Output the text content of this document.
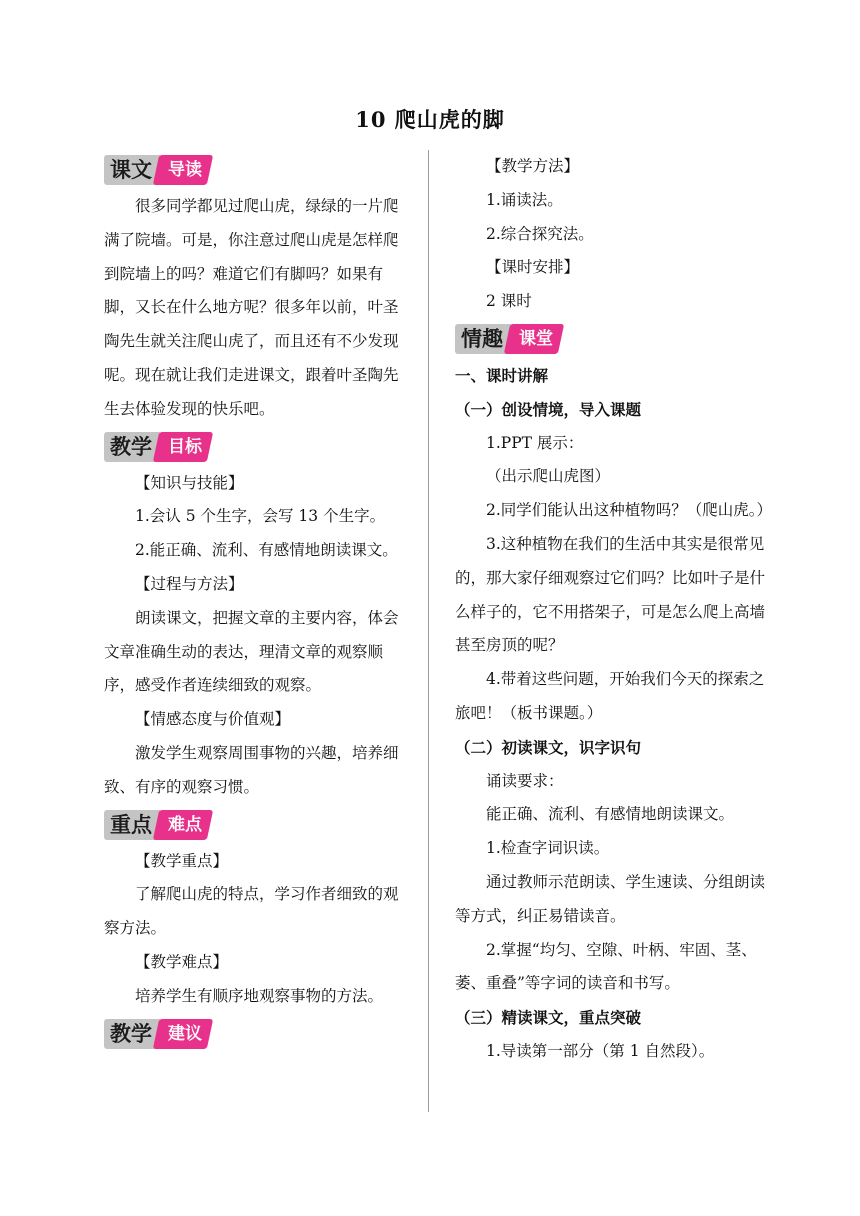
10 爬山虎的脚
课文 导读

很多同学都见过爬山虎，绿绿的一片爬满了院墙。可是，你注意过爬山虎是怎样爬到院墙上的吗？难道它们有脚吗？如果有脚，又长在什么地方呢？很多年以前，叶圣陶先生就关注爬山虎了，而且还有不少发现呢。现在就让我们走进课文，跟着叶圣陶先生去体验发现的快乐吧。

教学 目标

【知识与技能】

1.会认 5 个生字，会写 13 个生字。

2.能正确、流利、有感情地朗读课文。

【过程与方法】

朗读课文，把握文章的主要内容，体会文章准确生动的表达，理清文章的观察顺序，感受作者连续细致的观察。

【情感态度与价值观】

激发学生观察周围事物的兴趣，培养细致、有序的观察习惯。

重点 难点

【教学重点】

了解爬山虎的特点，学习作者细致的观察方法。

【教学难点】

培养学生有顺序地观察事物的方法。

教学 建议

【教学方法】

1.诵读法。

2.综合探究法。

【课时安排】

2 课时

情趣 课堂

一、课时讲解

（一）创设情境，导入课题

1.PPT 展示：

（出示爬山虎图）

2.同学们能认出这种植物吗？（爬山虎。）

3.这种植物在我们的生活中其实是很常见的，那大家仔细观察过它们吗？比如叶子是什么样子的，它不用搭架子，可是怎么爬上高墙甚至房顶的呢？

4.带着这些问题，开始我们今天的探索之旅吧！（板书课题。）

（二）初读课文，识字识句

诵读要求：

能正确、流利、有感情地朗读课文。

1.检查字词识读。

通过教师示范朗读、学生速读、分组朗读等方式，纠正易错读音。

2.掌握“均匀、空隙、叶柄、牢固、茎、萎、重叠”等字词的读音和书写。

（三）精读课文，重点突破

1.导读第一部分（第 1 自然段）。
